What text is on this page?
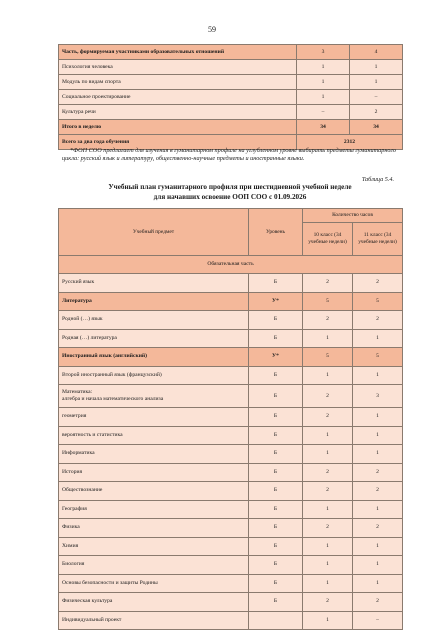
59
Часть, формируемая участниками образовательных отношений	3	4
Психология человека	1	1
Модуль по видам спорта	1	1
Социальное проектирование	1	–
Культура речи	–	2
Итого в неделю	34	34
Всего за два года обучения	2312	
*ФОП СОО предлагает для изучения в гуманитарном профиле на углубленном уровне выбирать предметы гуманитарного цикла: русский язык и литературу, общественно-научные предметы и иностранные языки.
Таблица 5.4.
Учебный план гуманитарного профиля при шестидневной учебной неделе
для начавших освоение ООП СОО с 01.09.2026
Учебный предмет	Уровень	Количество часов	
		10 класс (34 учебные недели)	11 класс (34 учебные недели)
Обязательная часть			

Русский язык	Б	2	2

Литература	У*	5	5

Родной (…) язык	Б	2	2

Родная (…) литература	Б	1	1

Иностранный язык (английский)	У*	5	5

Второй иностранный язык (французский)	Б	1	1

Математика:
алгебра и начала математического анализа	Б	2	3

геометрия	Б	2	1

вероятность и статистика	Б	1	1

Информатика	Б	1	1

История	Б	2	2

Обществознание	Б	2	2

География	Б	1	1

Физика	Б	2	2

Химия	Б	1	1

Биология	Б	1	1

Основы безопасности и защиты Родины	Б	1	1

Физическая культура	Б	2	2

Индивидуальный проект		1	–
